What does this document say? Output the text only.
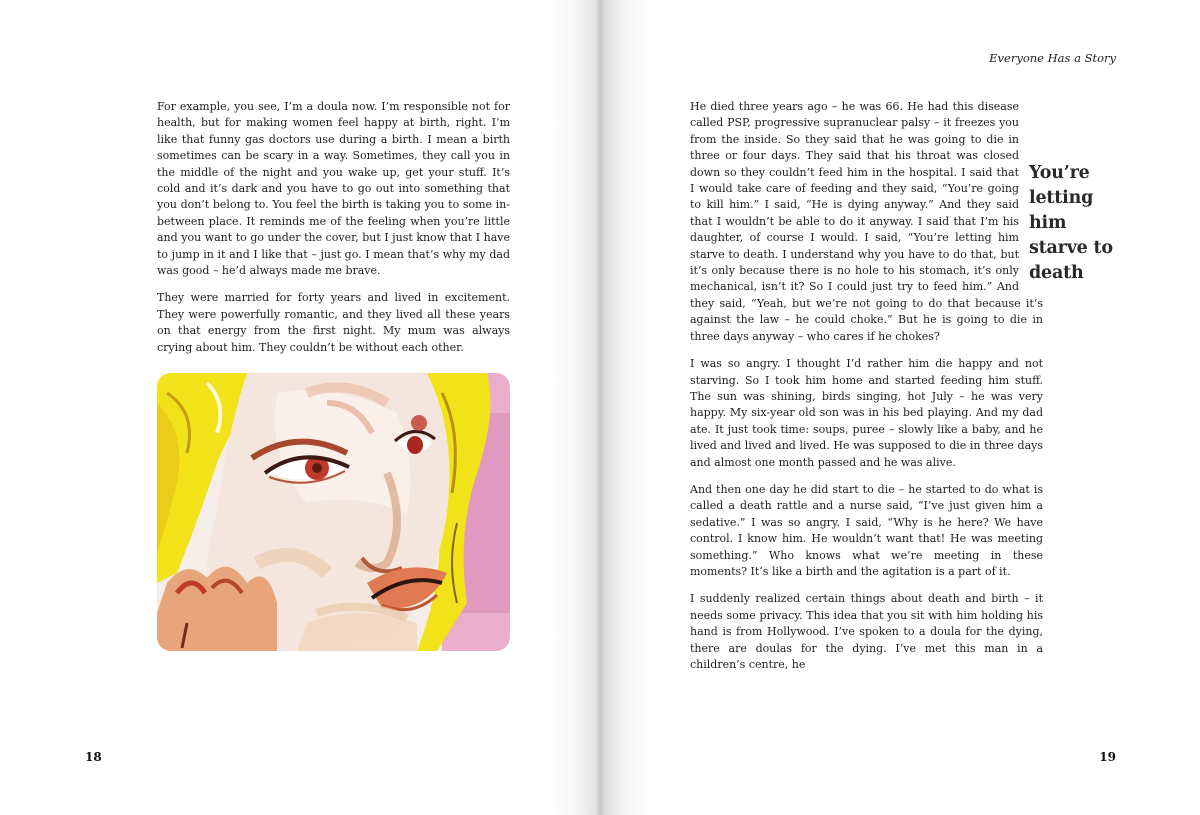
For example, you see, I’m a doula now. I’m responsible not for health, but for making women feel happy at birth, right. I’m like that funny gas doctors use during a birth. I mean a birth sometimes can be scary in a way. Sometimes, they call you in the middle of the night and you wake up, get your stuff. It’s cold and it’s dark and you have to go out into something that you don’t belong to. You feel the birth is taking you to some in-between place. It reminds me of the feeling when you’re little and you want to go under the cover, but I just know that I have to jump in it and I like that – just go. I mean that’s why my dad was good – he’d always made me brave.

They were married for forty years and lived in excitement. They were powerfully romantic, and they lived all these years on that energy from the first night. My mum was always crying about him. They couldn’t be without each other.

18
Everyone Has a Story
You’re letting him starve to death

He died three years ago – he was 66. He had this disease called PSP, progressive supranuclear palsy – it freezes you from the inside. So they said that he was going to die in three or four days. They said that his throat was closed down so they couldn’t feed him in the hospital. I said that I would take care of feeding and they said, “You’re going to kill him.” I said, “He is dying anyway.” And they said that I wouldn’t be able to do it anyway. I said that I’m his daughter, of course I would. I said, “You’re letting him starve to death. I understand why you have to do that, but it’s only because there is no hole to his stomach, it’s only mechanical, isn’t it? So I could just try to feed him.” And they said, “Yeah, but we’re not going to do that because it’s against the law – he could choke.” But he is going to die in three days anyway – who cares if he chokes?

I was so angry. I thought I’d rather him die happy and not starving. So I took him home and started feeding him stuff. The sun was shining, birds singing, hot July – he was very happy. My six-year old son was in his bed playing. And my dad ate. It just took time: soups, puree – slowly like a baby, and he lived and lived and lived. He was supposed to die in three days and almost one month passed and he was alive.

And then one day he did start to die – he started to do what is called a death rattle and a nurse said, “I’ve just given him a sedative.” I was so angry. I said, “Why is he here? We have control. I know him. He wouldn’t want that! He was meeting something.” Who knows what we’re meeting in these moments? It’s like a birth and the agitation is a part of it.

I suddenly realized certain things about death and birth – it needs some privacy. This idea that you sit with him holding his hand is from Hollywood. I’ve spoken to a doula for the dying, there are doulas for the dying. I’ve met this man in a children’s centre, he

19
